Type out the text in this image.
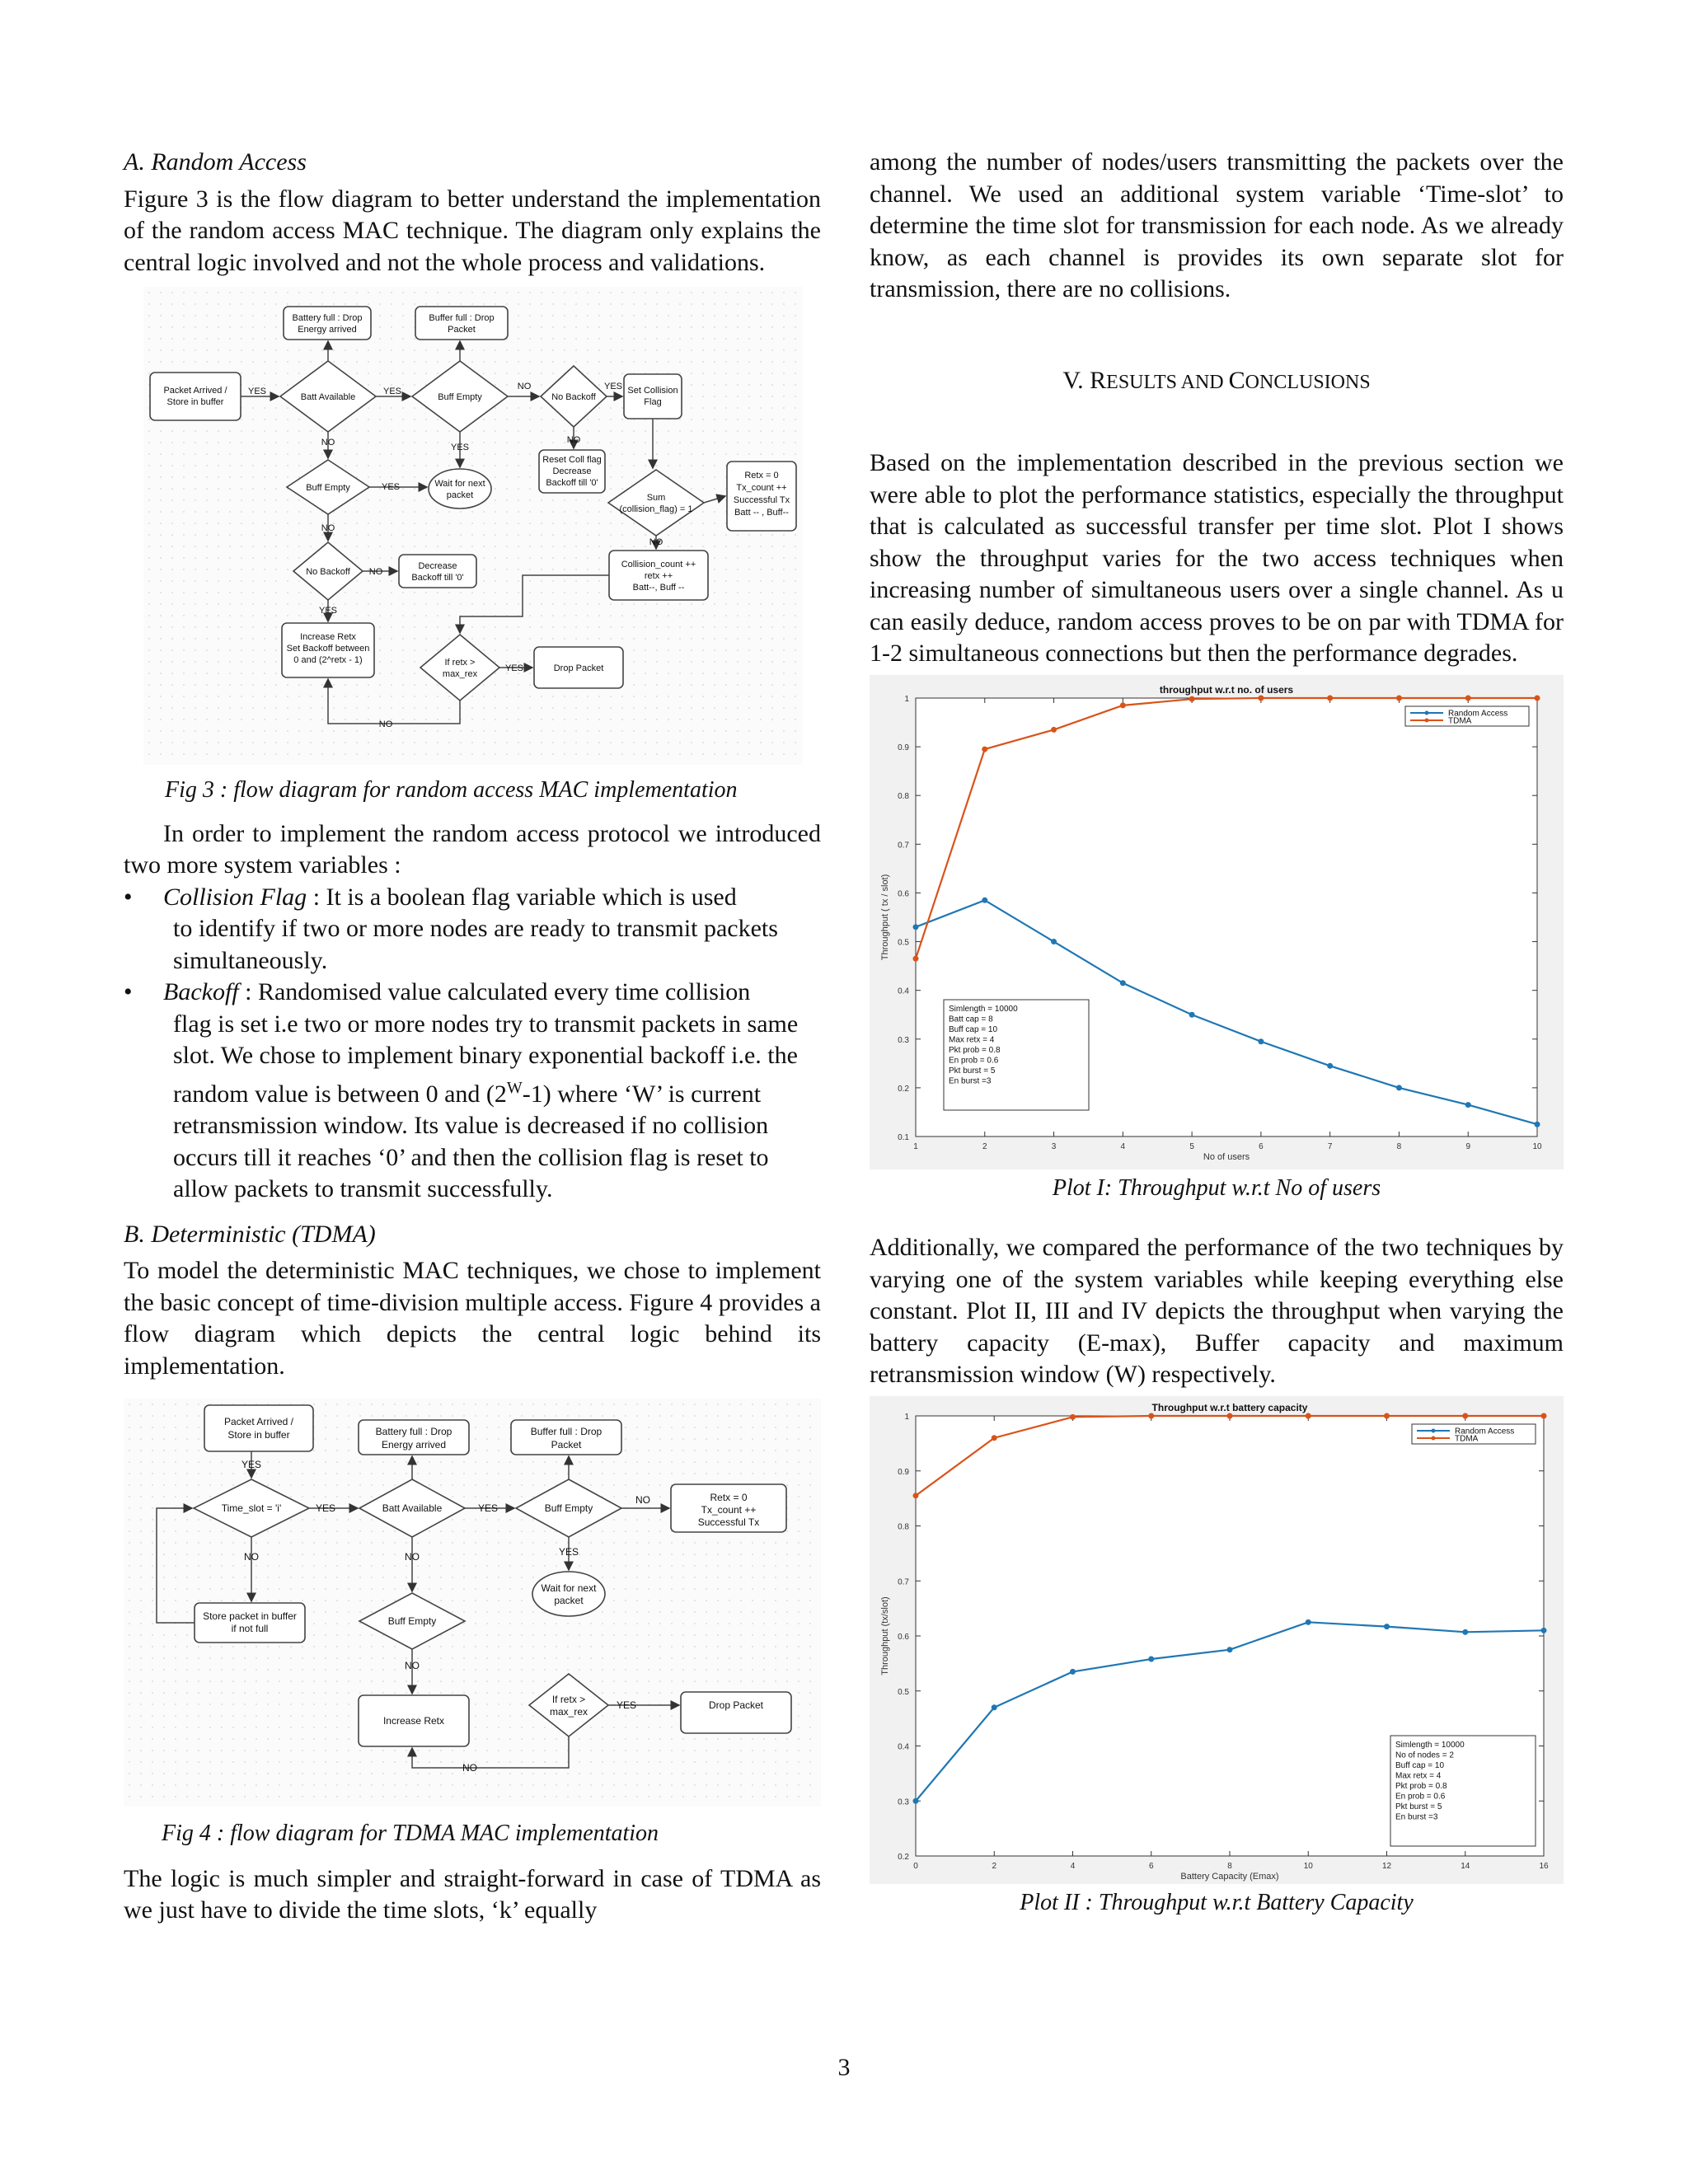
A. Random Access

Figure 3 is the flow diagram to better understand the implementation of the random access MAC technique. The diagram only explains the central logic involved and not the whole process and validations.

Battery full : Drop
Energy arrived
Buffer full : Drop
Packet
Packet Arrived /
Store in buffer	Batt Available	Buff Empty	No Backoff
Set Collision
Flag
Reset Coll flag
Decrease
Backoff till '0'
Sum
(collision_flag) = 1
Retx = 0
Tx_count ++
Successful Tx
Batt -- , Buff--
Buff Empty	Wait for next
packet
No Backoff
Decrease
Backoff till '0'
Collision_count ++
retx ++
Batt--, Buff --
Increase Retx
Set Backoff between
0 and (2^retx - 1)	If retx >
max_rex
Drop Packet
YES	YES	NO	YES
NO	YES
NO
NO
YES
NO
NO
YES
YES
NO

Fig 3 : flow diagram for random access MAC implementation

In order to implement the random access protocol we introduced two more system variables :

•	Collision Flag : It is a boolean flag variable which is used
to identify if two or more nodes are ready to transmit packets simultaneously.
•	Backoff : Randomised value calculated every time collision
flag is set i.e two or more nodes try to transmit packets in same slot. We chose to implement binary exponential backoff i.e. the random value is between 0 and $(2^W-1)$ where ‘W’ is current retransmission window. Its value is decreased if no collision occurs till it reaches ‘0’ and then the collision flag is reset to allow packets to transmit successfully.

B. Deterministic (TDMA)

To model the deterministic MAC techniques, we chose to implement the basic concept of time-division multiple access. Figure 4 provides a flow diagram which depicts the central logic behind its implementation.

Packet Arrived /
Store in buffer	Battery full : Drop
Energy arrived
Buffer full : Drop
Packet
Time_slot = 'i'	Batt Available	Buff Empty
Retx = 0
Tx_count ++
Successful Tx
Wait for next
packet
Store packet in buffer
if not full
Buff Empty
Increase Retx
If retx >
max_rex
Drop Packet
YES
YES	YES
NO
NO	NO	YES
NO
YES
NO

Fig 4 : flow diagram for TDMA MAC implementation

The logic is much simpler and straight-forward in case of TDMA as we just have to divide the time slots, ‘k’ equally

among the number of nodes/users transmitting the packets over the channel. We used an additional system variable ‘Time-slot’ to determine the time slot for transmission for each node. As we already know, as each channel is provides its own separate slot for transmission, there are no collisions.

V. RESULTS AND CONCLUSIONS

Based on the implementation described in the previous section we were able to plot the performance statistics, especially the throughput that is calculated as successful transfer per time slot. Plot I shows show the throughput varies for the two access techniques when increasing number of simultaneous users over a single channel. As u can easily deduce, random access proves to be on par with TDMA for 1-2 simultaneous connections but then the performance degrades.

throughput w.r.t no. of users
1	2	3	4	5	6	7	8	9	10
0.1
0.2
0.3
0.4
0.5
0.6
0.7
0.8
0.9
1
No of users
Throughput ( tx / slot)
Random Access
TDMA
Simlength = 10000
Batt cap = 8
Buff cap = 10
Max retx = 4
Pkt prob = 0.8
En prob = 0.6
Pkt burst = 5
En burst =3

Plot I: Throughput w.r.t No of users

Additionally, we compared the performance of the two techniques by varying one of the system variables while keeping everything else constant. Plot II, III and IV depicts the throughput when varying the battery capacity (E-max), Buffer capacity and maximum retransmission window (W) respectively.

Throughput w.r.t battery capacity
0	2	4	6	8	10	12	14	16
0.2
0.3
0.4
0.5
0.6
0.7
0.8
0.9
1
Battery Capacity (Emax)
Throughput (tx/slot)
Random Access
TDMA
Simlength = 10000
No of nodes = 2
Buff cap = 10
Max retx = 4
Pkt prob = 0.8
En prob = 0.6
Pkt burst = 5
En burst =3

Plot II : Throughput w.r.t Battery Capacity

3
